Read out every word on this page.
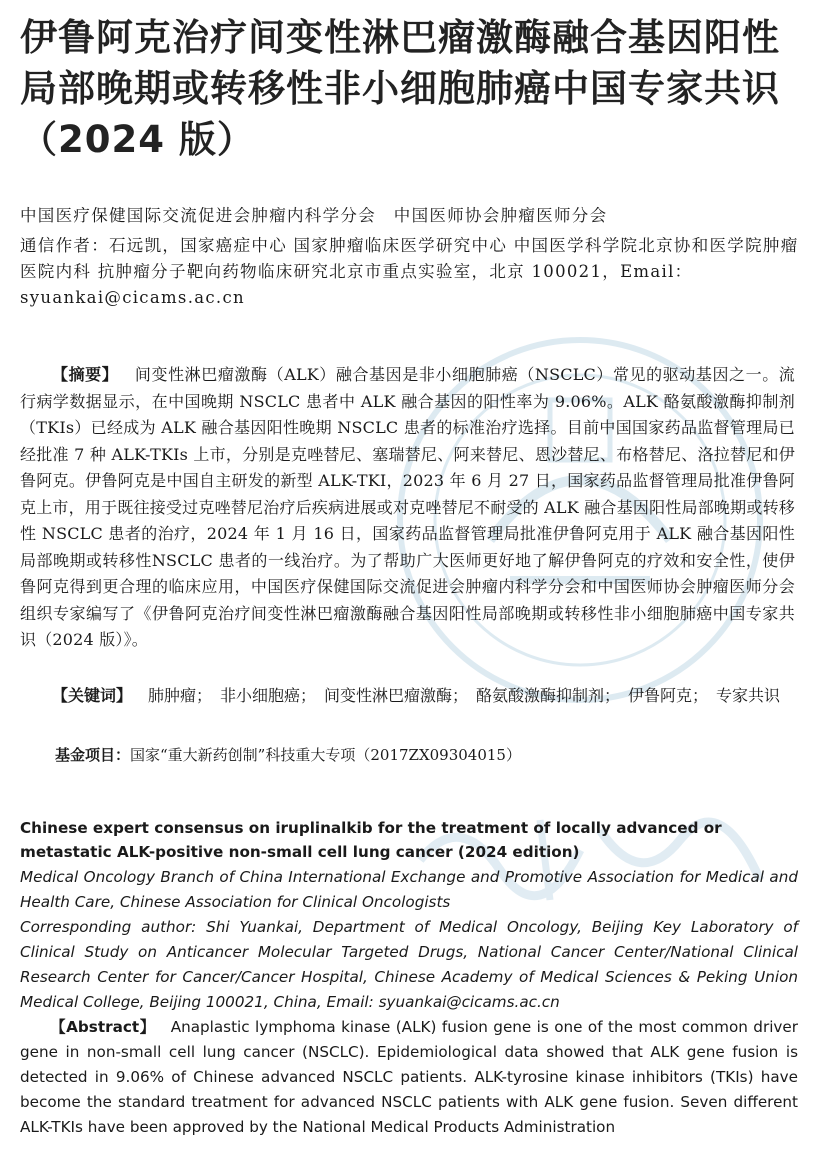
伊鲁阿克治疗间变性淋巴瘤激酶融合基因阳性局部晚期或转移性非小细胞肺癌中国专家共识（2024 版）
中国医疗保健国际交流促进会肿瘤内科学分会　中国医师协会肿瘤医师分会
通信作者：石远凯，国家癌症中心 国家肿瘤临床医学研究中心 中国医学科学院北京协和医学院肿瘤医院内科 抗肿瘤分子靶向药物临床研究北京市重点实验室，北京 100021，Email：syuankai@cicams.ac.cn

【摘要】  间变性淋巴瘤激酶（ALK）融合基因是非小细胞肺癌（NSCLC）常见的驱动基因之一。流行病学数据显示，在中国晚期 NSCLC 患者中 ALK 融合基因的阳性率为 9.06%。ALK 酪氨酸激酶抑制剂（TKIs）已经成为 ALK 融合基因阳性晚期 NSCLC 患者的标准治疗选择。目前中国国家药品监督管理局已经批准 7 种 ALK-TKIs 上市，分别是克唑替尼、塞瑞替尼、阿来替尼、恩沙替尼、布格替尼、洛拉替尼和伊鲁阿克。伊鲁阿克是中国自主研发的新型 ALK-TKI，2023 年 6 月 27 日，国家药品监督管理局批准伊鲁阿克上市，用于既往接受过克唑替尼治疗后疾病进展或对克唑替尼不耐受的 ALK 融合基因阳性局部晚期或转移性 NSCLC 患者的治疗，2024 年 1 月 16 日，国家药品监督管理局批准伊鲁阿克用于 ALK 融合基因阳性局部晚期或转移性NSCLC 患者的一线治疗。为了帮助广大医师更好地了解伊鲁阿克的疗效和安全性，使伊鲁阿克得到更合理的临床应用，中国医疗保健国际交流促进会肿瘤内科学分会和中国医师协会肿瘤医师分会组织专家编写了《伊鲁阿克治疗间变性淋巴瘤激酶融合基因阳性局部晚期或转移性非小细胞肺癌中国专家共识（2024 版）》。

【关键词】  肺肿瘤；　非小细胞癌；　间变性淋巴瘤激酶；　酪氨酸激酶抑制剂；　伊鲁阿克；　专家共识
基金项目：国家“重大新药创制”科技重大专项（2017ZX09304015）
Chinese expert consensus on iruplinalkib for the treatment of locally advanced or metastatic ALK-positive non-small cell lung cancer (2024 edition)
Medical Oncology Branch of China International Exchange and Promotive Association for Medical and Health Care, Chinese Association for Clinical Oncologists
Corresponding author: Shi Yuankai, Department of Medical Oncology, Beijing Key Laboratory of Clinical Study on Anticancer Molecular Targeted Drugs, National Cancer Center/National Clinical Research Center for Cancer/Cancer Hospital, Chinese Academy of Medical Sciences & Peking Union Medical College, Beijing 100021, China, Email: syuankai@cicams.ac.cn
【Abstract】  Anaplastic lymphoma kinase (ALK) fusion gene is one of the most common driver gene in non-small cell lung cancer (NSCLC). Epidemiological data showed that ALK gene fusion is detected in 9.06% of Chinese advanced NSCLC patients. ALK-tyrosine kinase inhibitors (TKIs) have become the standard treatment for advanced NSCLC patients with ALK gene fusion. Seven different ALK-TKIs have been approved by the National Medical Products Administration
